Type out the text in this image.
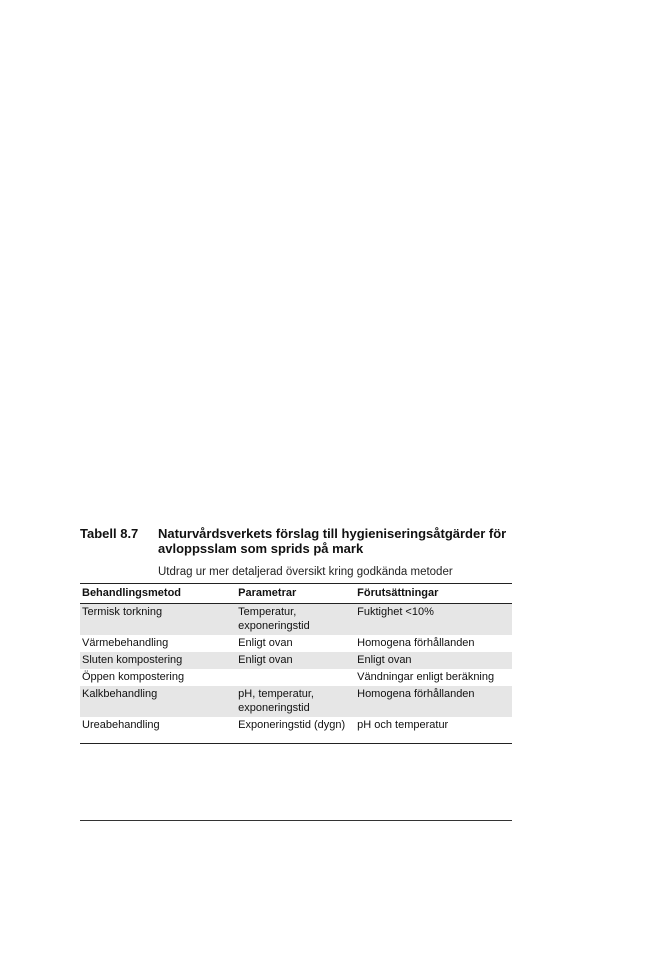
Tabell 8.7 Naturvårdsverkets förslag till hygieniseringsåtgärder för avloppsslam som sprids på mark
Utdrag ur mer detaljerad översikt kring godkända metoder
Behandlingsmetod	Parametrar	Förutsättningar
Termisk torkning	Temperatur, exponeringstid	Fuktighet <10%
Värmebehandling	Enligt ovan	Homogena förhållanden
Sluten kompostering	Enligt ovan	Enligt ovan
Öppen kompostering		Vändningar enligt beräkning
Kalkbehandling	pH, temperatur, exponeringstid	Homogena förhållanden
Ureabehandling	Exponeringstid (dygn)	pH och temperatur
